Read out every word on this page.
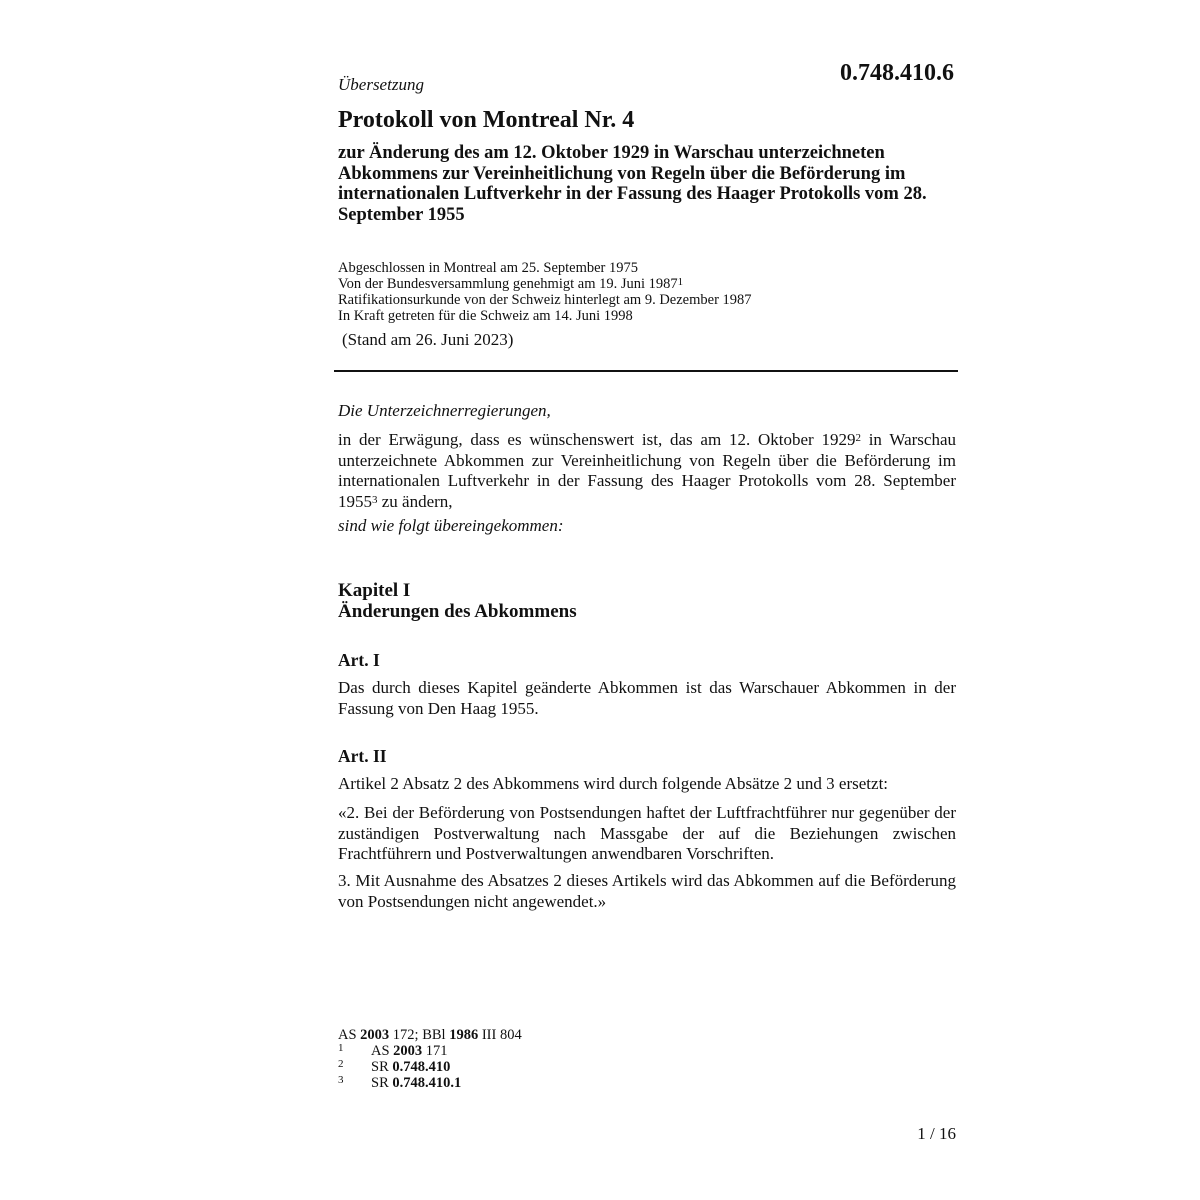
Übersetzung	0.748.410.6
Protokoll von Montreal Nr. 4
zur Änderung des am 12. Oktober 1929 in Warschau unterzeichneten Abkommens zur Vereinheitlichung von Regeln über die Beförderung im internationalen Luftverkehr in der Fassung des Haager Protokolls vom 28. September 1955
Abgeschlossen in Montreal am 25. September 1975
Von der Bundesversammlung genehmigt am 19. Juni 1987$^1$
Ratifikationsurkunde von der Schweiz hinterlegt am 9. Dezember 1987
In Kraft getreten für die Schweiz am 14. Juni 1998
(Stand am 26. Juni 2023)
Die Unterzeichnerregierungen,

in der Erwägung, dass es wünschenswert ist, das am 12. Oktober 1929$^2$ in Warschau unterzeichnete Abkommen zur Vereinheitlichung von Regeln über die Beförderung im internationalen Luftverkehr in der Fassung des Haager Protokolls vom 28. September 1955$^3$ zu ändern,

sind wie folgt übereingekommen:
Kapitel I
Änderungen des Abkommens
Art. I

Das durch dieses Kapitel geänderte Abkommen ist das Warschauer Abkommen in der Fassung von Den Haag 1955.

Art. II

Artikel 2 Absatz 2 des Abkommens wird durch folgende Absätze 2 und 3 ersetzt:

«2. Bei der Beförderung von Postsendungen haftet der Luftfrachtführer nur gegenüber der zuständigen Postverwaltung nach Massgabe der auf die Beziehungen zwischen Frachtführern und Postverwaltungen anwendbaren Vorschriften.

3. Mit Ausnahme des Absatzes 2 dieses Artikels wird das Abkommen auf die Beförderung von Postsendungen nicht angewendet.»

AS 2003 172; BBl 1986 III 804
1	AS 2003 171
2	SR 0.748.410
3	SR 0.748.410.1
1 / 16
